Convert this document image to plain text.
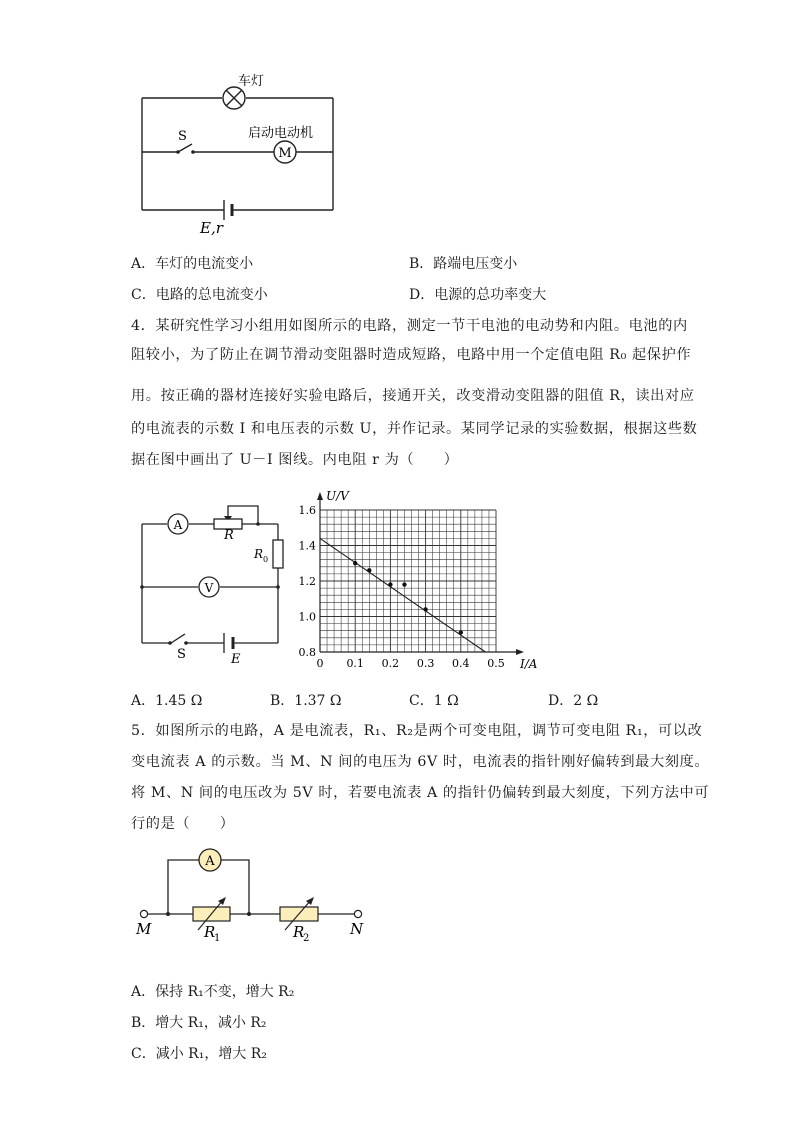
M
车灯
S	启动电动机
E,r
A．车灯的电流变小	B．路端电压变小
C．电路的总电流变小	D．电源的总功率变大
4．某研究性学习小组用如图所示的电路，测定一节干电池的电动势和内阻。电池的内
阻较小，为了防止在调节滑动变阻器时造成短路，电路中用一个定值电阻 R₀ 起保护作
用。按正确的器材连接好实验电路后，接通开关，改变滑动变阻器的阻值 R，读出对应
的电流表的示数 I 和电压表的示数 U，并作记录。某同学记录的实验数据，根据这些数
据在图中画出了 U－I 图线。内电阻 r 为（　　）
A
V
R
R 0
S	E	0 0.1 0.2 0.3 0.4 0.5
0.8
1.0
1.2
1.4
1.6
I/A
U/V
A．1.45 Ω	B．1.37 Ω	C．1 Ω	D．2 Ω
5．如图所示的电路，A 是电流表，R₁、R₂是两个可变电阻，调节可变电阻 R₁，可以改
变电流表 A 的示数。当 M、N 间的电压为 6V 时，电流表的指针刚好偏转到最大刻度。
将 M、N 间的电压改为 5V 时，若要电流表 A 的指针仍偏转到最大刻度，下列方法中可
行的是（　　）
A
M	N
R
1	R
2
A．保持 R₁不变，增大 R₂
B．增大 R₁，减小 R₂
C．减小 R₁，增大 R₂
